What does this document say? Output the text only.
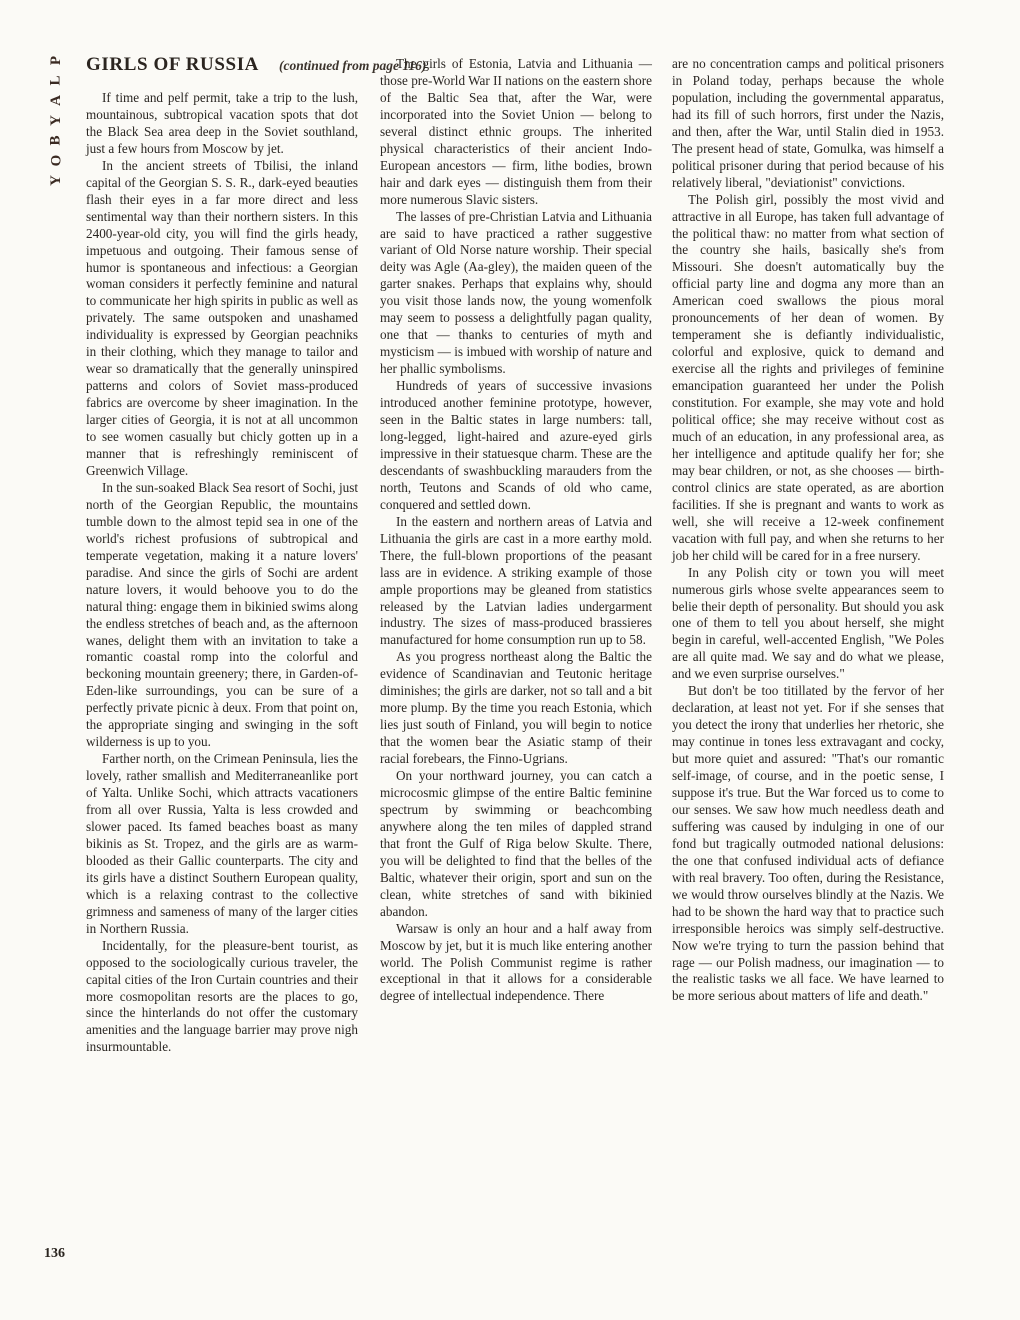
P
L
A
Y
B
O
Y
GIRLS OF RUSSIA (continued from page 116)

If time and pelf permit, take a trip to the lush, mountainous, subtropical vacation spots that dot the Black Sea area deep in the Soviet southland, just a few hours from Moscow by jet.

In the ancient streets of Tbilisi, the inland capital of the Georgian S. S. R., dark-eyed beauties flash their eyes in a far more direct and less sentimental way than their northern sisters. In this 2400-year-old city, you will find the girls heady, impetuous and outgoing. Their famous sense of humor is spontaneous and infectious: a Georgian woman considers it perfectly feminine and natural to communicate her high spirits in public as well as privately. The same outspoken and unashamed individuality is expressed by Georgian peachniks in their clothing, which they manage to tailor and wear so dramatically that the generally uninspired patterns and colors of Soviet mass-produced fabrics are overcome by sheer imagination. In the larger cities of Georgia, it is not at all uncommon to see women casually but chicly gotten up in a manner that is refreshingly reminiscent of Greenwich Village.

In the sun-soaked Black Sea resort of Sochi, just north of the Georgian Republic, the mountains tumble down to the almost tepid sea in one of the world's richest profusions of subtropical and temperate vegetation, making it a nature lovers' paradise. And since the girls of Sochi are ardent nature lovers, it would behoove you to do the natural thing: engage them in bikinied swims along the endless stretches of beach and, as the afternoon wanes, delight them with an invitation to take a romantic coastal romp into the colorful and beckoning mountain greenery; there, in Garden-of-Eden-like surroundings, you can be sure of a perfectly private picnic à deux. From that point on, the appropriate singing and swinging in the soft wilderness is up to you.

Farther north, on the Crimean Peninsula, lies the lovely, rather smallish and Mediterraneanlike port of Yalta. Unlike Sochi, which attracts vacationers from all over Russia, Yalta is less crowded and slower paced. Its famed beaches boast as many bikinis as St. Tropez, and the girls are as warm-blooded as their Gallic counterparts. The city and its girls have a distinct Southern European quality, which is a relaxing contrast to the collective grimness and sameness of many of the larger cities in Northern Russia.

Incidentally, for the pleasure-bent tourist, as opposed to the sociologically curious traveler, the capital cities of the Iron Curtain countries and their more cosmopolitan resorts are the places to go, since the hinterlands do not offer the customary amenities and the language barrier may prove nigh insurmountable.

The girls of Estonia, Latvia and Lithuania — those pre-World War II nations on the eastern shore of the Baltic Sea that, after the War, were incorporated into the Soviet Union — belong to several distinct ethnic groups. The inherited physical characteristics of their ancient Indo-European ancestors — firm, lithe bodies, brown hair and dark eyes — distinguish them from their more numerous Slavic sisters.

The lasses of pre-Christian Latvia and Lithuania are said to have practiced a rather suggestive variant of Old Norse nature worship. Their special deity was Agle (Aa-gley), the maiden queen of the garter snakes. Perhaps that explains why, should you visit those lands now, the young womenfolk may seem to possess a delightfully pagan quality, one that — thanks to centuries of myth and mysticism — is imbued with worship of nature and her phallic symbolisms.

Hundreds of years of successive invasions introduced another feminine prototype, however, seen in the Baltic states in large numbers: tall, long-legged, light-haired and azure-eyed girls impressive in their statuesque charm. These are the descendants of swashbuckling marauders from the north, Teutons and Scands of old who came, conquered and settled down.

In the eastern and northern areas of Latvia and Lithuania the girls are cast in a more earthy mold. There, the full-blown proportions of the peasant lass are in evidence. A striking example of those ample proportions may be gleaned from statistics released by the Latvian ladies undergarment industry. The sizes of mass-produced brassieres manufactured for home consumption run up to 58.

As you progress northeast along the Baltic the evidence of Scandinavian and Teutonic heritage diminishes; the girls are darker, not so tall and a bit more plump. By the time you reach Estonia, which lies just south of Finland, you will begin to notice that the women bear the Asiatic stamp of their racial forebears, the Finno-Ugrians.

On your northward journey, you can catch a microcosmic glimpse of the entire Baltic feminine spectrum by swimming or beachcombing anywhere along the ten miles of dappled strand that front the Gulf of Riga below Skulte. There, you will be delighted to find that the belles of the Baltic, whatever their origin, sport and sun on the clean, white stretches of sand with bikinied abandon.

Warsaw is only an hour and a half away from Moscow by jet, but it is much like entering another world. The Polish Communist regime is rather exceptional in that it allows for a considerable degree of intellectual independence. There

are no concentration camps and political prisoners in Poland today, perhaps because the whole population, including the governmental apparatus, had its fill of such horrors, first under the Nazis, and then, after the War, until Stalin died in 1953. The present head of state, Gomulka, was himself a political prisoner during that period because of his relatively liberal, "deviationist" convictions.

The Polish girl, possibly the most vivid and attractive in all Europe, has taken full advantage of the political thaw: no matter from what section of the country she hails, basically she's from Missouri. She doesn't automatically buy the official party line and dogma any more than an American coed swallows the pious moral pronouncements of her dean of women. By temperament she is defiantly individualistic, colorful and explosive, quick to demand and exercise all the rights and privileges of feminine emancipation guaranteed her under the Polish constitution. For example, she may vote and hold political office; she may receive without cost as much of an education, in any professional area, as her intelligence and aptitude qualify her for; she may bear children, or not, as she chooses — birth-control clinics are state operated, as are abortion facilities. If she is pregnant and wants to work as well, she will receive a 12-week confinement vacation with full pay, and when she returns to her job her child will be cared for in a free nursery.

In any Polish city or town you will meet numerous girls whose svelte appearances seem to belie their depth of personality. But should you ask one of them to tell you about herself, she might begin in careful, well-accented English, "We Poles are all quite mad. We say and do what we please, and we even surprise ourselves."

But don't be too titillated by the fervor of her declaration, at least not yet. For if she senses that you detect the irony that underlies her rhetoric, she may continue in tones less extravagant and cocky, but more quiet and assured: "That's our romantic self-image, of course, and in the poetic sense, I suppose it's true. But the War forced us to come to our senses. We saw how much needless death and suffering was caused by indulging in one of our fond but tragically outmoded national delusions: the one that confused individual acts of defiance with real bravery. Too often, during the Resistance, we would throw ourselves blindly at the Nazis. We had to be shown the hard way that to practice such irresponsible heroics was simply self-destructive. Now we're trying to turn the passion behind that rage — our Polish madness, our imagination — to the realistic tasks we all face. We have learned to be more serious about matters of life and death."

136
